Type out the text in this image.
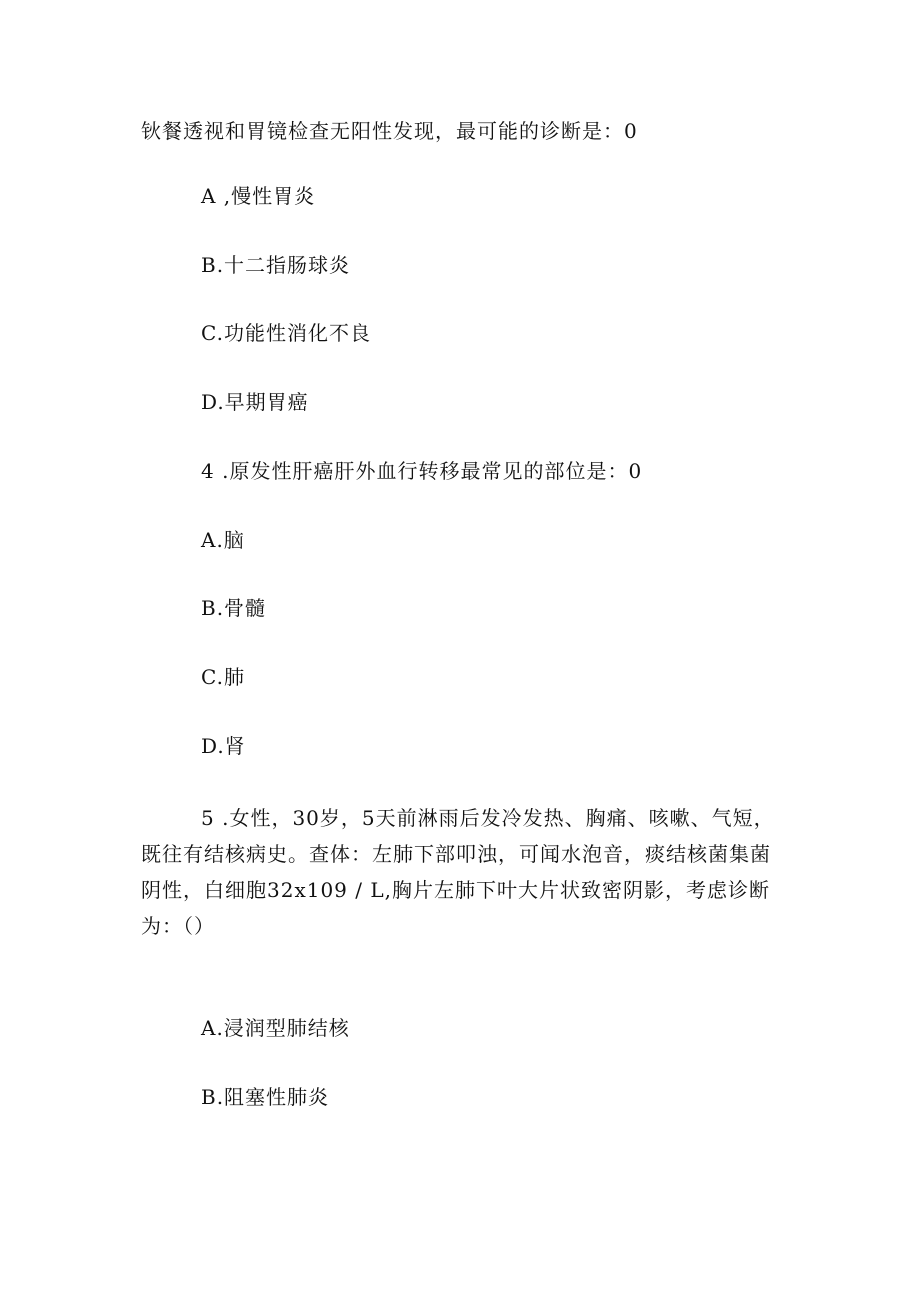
钬餐透视和胃镜检查无阳性发现，最可能的诊断是：0
A ,慢性胃炎
B.十二指肠球炎
C.功能性消化不良
D.早期胃癌
4 .原发性肝癌肝外血行转移最常见的部位是：0
A.脑
B.骨髓
C.肺
D.肾
5 .女性，30岁，5天前淋雨后发冷发热、胸痛、咳嗽、气短， 既往有结核病史。查体：左肺下部叩浊，可闻水泡音，痰结核菌集菌 阴性，白细胞32x109 / L,胸片左肺下叶大片状致密阴影，考虑诊断 为：（）
A.浸润型肺结核
B.阻塞性肺炎
